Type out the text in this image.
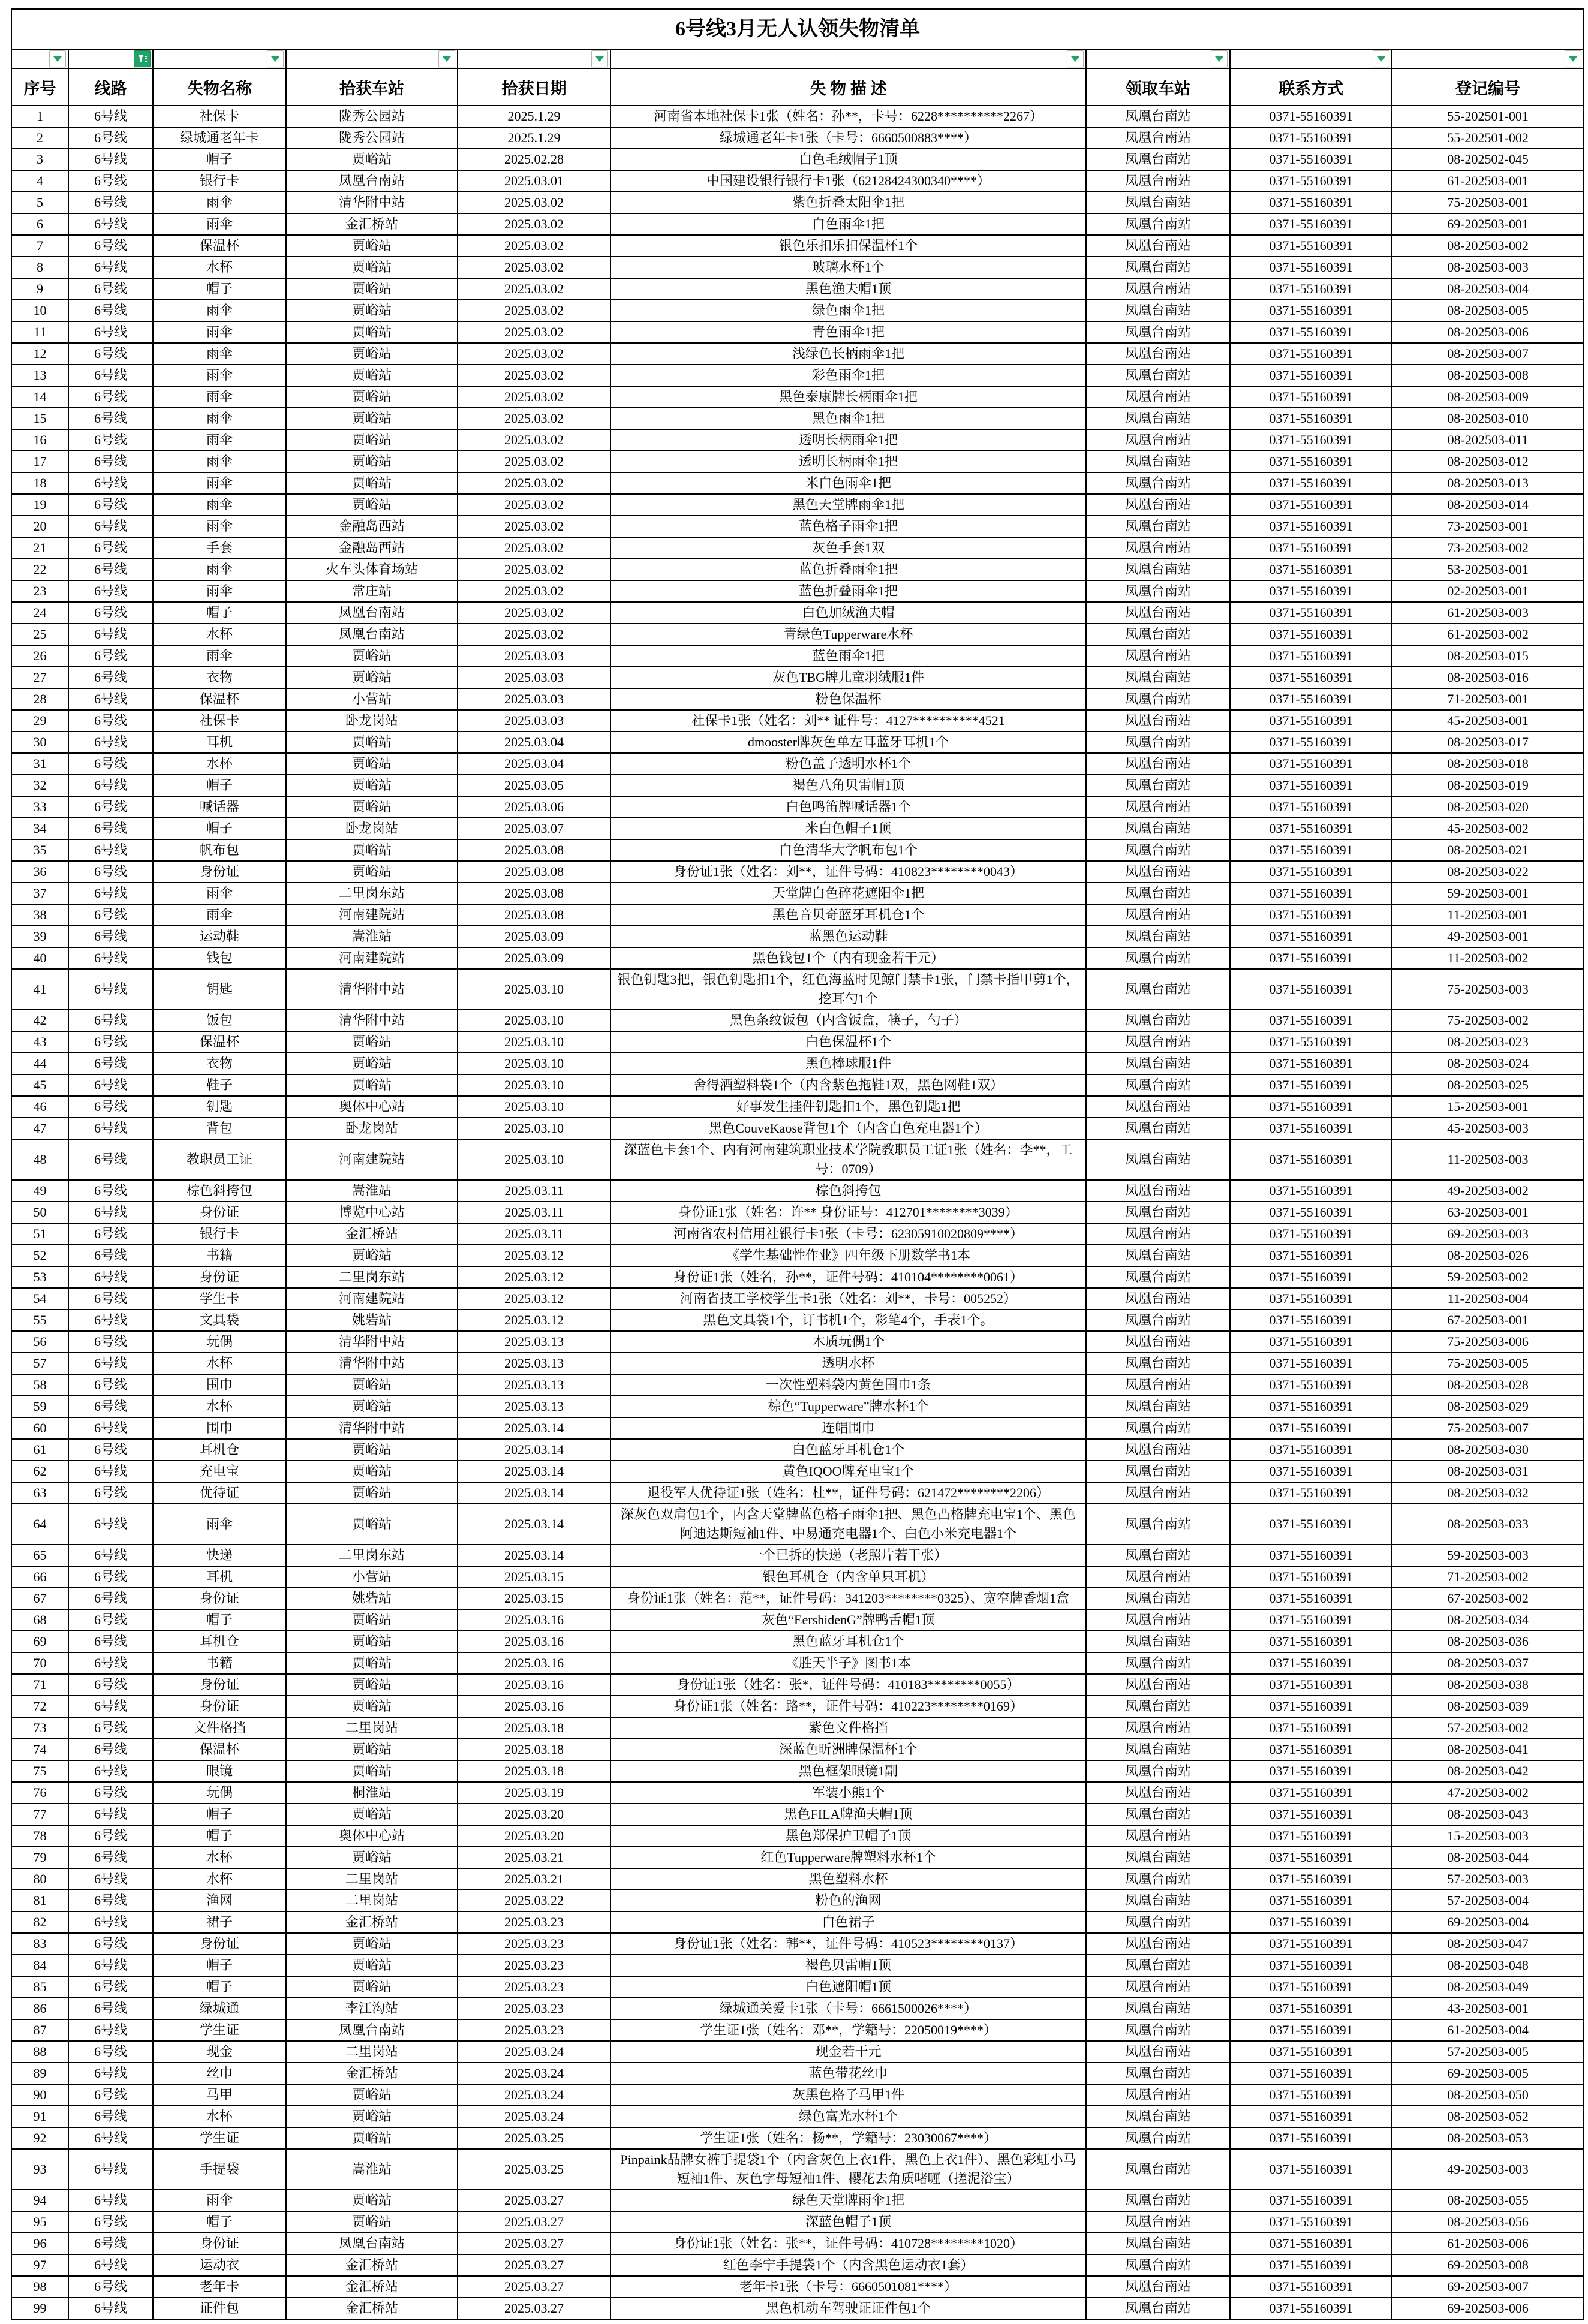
6号线3月无人认领失物清单								

序号	线路	失物名称	拾获车站	拾获日期	失 物 描 述	领取车站	联系方式	登记编号
1	6号线	社保卡	陇秀公园站	2025.1.29	河南省本地社保卡1张（姓名：孙**，卡号：6228**********2267）	凤凰台南站	0371-55160391	55-202501-001
2	6号线	绿城通老年卡	陇秀公园站	2025.1.29	绿城通老年卡1张（卡号：6660500883****）	凤凰台南站	0371-55160391	55-202501-002
3	6号线	帽子	贾峪站	2025.02.28	白色毛绒帽子1顶	凤凰台南站	0371-55160391	08-202502-045
4	6号线	银行卡	凤凰台南站	2025.03.01	中国建设银行银行卡1张（62128424300340****）	凤凰台南站	0371-55160391	61-202503-001
5	6号线	雨伞	清华附中站	2025.03.02	紫色折叠太阳伞1把	凤凰台南站	0371-55160391	75-202503-001
6	6号线	雨伞	金汇桥站	2025.03.02	白色雨伞1把	凤凰台南站	0371-55160391	69-202503-001
7	6号线	保温杯	贾峪站	2025.03.02	银色乐扣乐扣保温杯1个	凤凰台南站	0371-55160391	08-202503-002
8	6号线	水杯	贾峪站	2025.03.02	玻璃水杯1个	凤凰台南站	0371-55160391	08-202503-003
9	6号线	帽子	贾峪站	2025.03.02	黑色渔夫帽1顶	凤凰台南站	0371-55160391	08-202503-004
10	6号线	雨伞	贾峪站	2025.03.02	绿色雨伞1把	凤凰台南站	0371-55160391	08-202503-005
11	6号线	雨伞	贾峪站	2025.03.02	青色雨伞1把	凤凰台南站	0371-55160391	08-202503-006
12	6号线	雨伞	贾峪站	2025.03.02	浅绿色长柄雨伞1把	凤凰台南站	0371-55160391	08-202503-007
13	6号线	雨伞	贾峪站	2025.03.02	彩色雨伞1把	凤凰台南站	0371-55160391	08-202503-008
14	6号线	雨伞	贾峪站	2025.03.02	黑色泰康牌长柄雨伞1把	凤凰台南站	0371-55160391	08-202503-009
15	6号线	雨伞	贾峪站	2025.03.02	黑色雨伞1把	凤凰台南站	0371-55160391	08-202503-010
16	6号线	雨伞	贾峪站	2025.03.02	透明长柄雨伞1把	凤凰台南站	0371-55160391	08-202503-011
17	6号线	雨伞	贾峪站	2025.03.02	透明长柄雨伞1把	凤凰台南站	0371-55160391	08-202503-012
18	6号线	雨伞	贾峪站	2025.03.02	米白色雨伞1把	凤凰台南站	0371-55160391	08-202503-013
19	6号线	雨伞	贾峪站	2025.03.02	黑色天堂牌雨伞1把	凤凰台南站	0371-55160391	08-202503-014
20	6号线	雨伞	金融岛西站	2025.03.02	蓝色格子雨伞1把	凤凰台南站	0371-55160391	73-202503-001
21	6号线	手套	金融岛西站	2025.03.02	灰色手套1双	凤凰台南站	0371-55160391	73-202503-002
22	6号线	雨伞	火车头体育场站	2025.03.02	蓝色折叠雨伞1把	凤凰台南站	0371-55160391	53-202503-001
23	6号线	雨伞	常庄站	2025.03.02	蓝色折叠雨伞1把	凤凰台南站	0371-55160391	02-202503-001
24	6号线	帽子	凤凰台南站	2025.03.02	白色加绒渔夫帽	凤凰台南站	0371-55160391	61-202503-003
25	6号线	水杯	凤凰台南站	2025.03.02	青绿色Tupperware水杯	凤凰台南站	0371-55160391	61-202503-002
26	6号线	雨伞	贾峪站	2025.03.03	蓝色雨伞1把	凤凰台南站	0371-55160391	08-202503-015
27	6号线	衣物	贾峪站	2025.03.03	灰色TBG牌儿童羽绒服1件	凤凰台南站	0371-55160391	08-202503-016
28	6号线	保温杯	小营站	2025.03.03	粉色保温杯	凤凰台南站	0371-55160391	71-202503-001
29	6号线	社保卡	卧龙岗站	2025.03.03	社保卡1张（姓名：刘** 证件号：4127**********4521	凤凰台南站	0371-55160391	45-202503-001
30	6号线	耳机	贾峪站	2025.03.04	dmooster牌灰色单左耳蓝牙耳机1个	凤凰台南站	0371-55160391	08-202503-017
31	6号线	水杯	贾峪站	2025.03.04	粉色盖子透明水杯1个	凤凰台南站	0371-55160391	08-202503-018
32	6号线	帽子	贾峪站	2025.03.05	褐色八角贝雷帽1顶	凤凰台南站	0371-55160391	08-202503-019
33	6号线	喊话器	贾峪站	2025.03.06	白色鸣笛牌喊话器1个	凤凰台南站	0371-55160391	08-202503-020
34	6号线	帽子	卧龙岗站	2025.03.07	米白色帽子1顶	凤凰台南站	0371-55160391	45-202503-002
35	6号线	帆布包	贾峪站	2025.03.08	白色清华大学帆布包1个	凤凰台南站	0371-55160391	08-202503-021
36	6号线	身份证	贾峪站	2025.03.08	身份证1张（姓名：刘**，证件号码：410823********0043）	凤凰台南站	0371-55160391	08-202503-022
37	6号线	雨伞	二里岗东站	2025.03.08	天堂牌白色碎花遮阳伞1把	凤凰台南站	0371-55160391	59-202503-001
38	6号线	雨伞	河南建院站	2025.03.08	黑色音贝奇蓝牙耳机仓1个	凤凰台南站	0371-55160391	11-202503-001
39	6号线	运动鞋	嵩淮站	2025.03.09	蓝黑色运动鞋	凤凰台南站	0371-55160391	49-202503-001
40	6号线	钱包	河南建院站	2025.03.09	黑色钱包1个（内有现金若干元）	凤凰台南站	0371-55160391	11-202503-002
41	6号线	钥匙	清华附中站	2025.03.10	银色钥匙3把，银色钥匙扣1个，红色海蓝时见鲸门禁卡1张，门禁卡指甲剪1个，挖耳勺1个	凤凰台南站	0371-55160391	75-202503-003
42	6号线	饭包	清华附中站	2025.03.10	黑色条纹饭包（内含饭盒，筷子，勺子）	凤凰台南站	0371-55160391	75-202503-002
43	6号线	保温杯	贾峪站	2025.03.10	白色保温杯1个	凤凰台南站	0371-55160391	08-202503-023
44	6号线	衣物	贾峪站	2025.03.10	黑色棒球服1件	凤凰台南站	0371-55160391	08-202503-024
45	6号线	鞋子	贾峪站	2025.03.10	舍得酒塑料袋1个（内含紫色拖鞋1双，黑色网鞋1双）	凤凰台南站	0371-55160391	08-202503-025
46	6号线	钥匙	奥体中心站	2025.03.10	好事发生挂件钥匙扣1个，黑色钥匙1把	凤凰台南站	0371-55160391	15-202503-001
47	6号线	背包	卧龙岗站	2025.03.10	黑色CouveKaose背包1个（内含白色充电器1个）	凤凰台南站	0371-55160391	45-202503-003
48	6号线	教职员工证	河南建院站	2025.03.10	深蓝色卡套1个、内有河南建筑职业技术学院教职员工证1张（姓名：李**，工号：0709）	凤凰台南站	0371-55160391	11-202503-003
49	6号线	棕色斜挎包	嵩淮站	2025.03.11	棕色斜挎包	凤凰台南站	0371-55160391	49-202503-002
50	6号线	身份证	博览中心站	2025.03.11	身份证1张（姓名：许** 身份证号：412701********3039）	凤凰台南站	0371-55160391	63-202503-001
51	6号线	银行卡	金汇桥站	2025.03.11	河南省农村信用社银行卡1张（卡号：62305910020809****）	凤凰台南站	0371-55160391	69-202503-003
52	6号线	书籍	贾峪站	2025.03.12	《学生基础性作业》四年级下册数学书1本	凤凰台南站	0371-55160391	08-202503-026
53	6号线	身份证	二里岗东站	2025.03.12	身份证1张（姓名，孙**，证件号码：410104********0061）	凤凰台南站	0371-55160391	59-202503-002
54	6号线	学生卡	河南建院站	2025.03.12	河南省技工学校学生卡1张（姓名：刘**，卡号：005252）	凤凰台南站	0371-55160391	11-202503-004
55	6号线	文具袋	姚砦站	2025.03.12	黑色文具袋1个，订书机1个，彩笔4个，手表1个。	凤凰台南站	0371-55160391	67-202503-001
56	6号线	玩偶	清华附中站	2025.03.13	木质玩偶1个	凤凰台南站	0371-55160391	75-202503-006
57	6号线	水杯	清华附中站	2025.03.13	透明水杯	凤凰台南站	0371-55160391	75-202503-005
58	6号线	围巾	贾峪站	2025.03.13	一次性塑料袋内黄色围巾1条	凤凰台南站	0371-55160391	08-202503-028
59	6号线	水杯	贾峪站	2025.03.13	棕色“Tupperware”牌水杯1个	凤凰台南站	0371-55160391	08-202503-029
60	6号线	围巾	清华附中站	2025.03.14	连帽围巾	凤凰台南站	0371-55160391	75-202503-007
61	6号线	耳机仓	贾峪站	2025.03.14	白色蓝牙耳机仓1个	凤凰台南站	0371-55160391	08-202503-030
62	6号线	充电宝	贾峪站	2025.03.14	黄色IQOO牌充电宝1个	凤凰台南站	0371-55160391	08-202503-031
63	6号线	优待证	贾峪站	2025.03.14	退役军人优待证1张（姓名：杜**，证件号码：621472********2206）	凤凰台南站	0371-55160391	08-202503-032
64	6号线	雨伞	贾峪站	2025.03.14	深灰色双肩包1个，内含天堂牌蓝色格子雨伞1把、黑色凸格牌充电宝1个、黑色阿迪达斯短袖1件、中易通充电器1个、白色小米充电器1个	凤凰台南站	0371-55160391	08-202503-033
65	6号线	快递	二里岗东站	2025.03.14	一个已拆的快递（老照片若干张）	凤凰台南站	0371-55160391	59-202503-003
66	6号线	耳机	小营站	2025.03.15	银色耳机仓（内含单只耳机）	凤凰台南站	0371-55160391	71-202503-002
67	6号线	身份证	姚砦站	2025.03.15	身份证1张（姓名：范**，证件号码：341203********0325）、宽窄牌香烟1盒	凤凰台南站	0371-55160391	67-202503-002
68	6号线	帽子	贾峪站	2025.03.16	灰色“EershidenG”牌鸭舌帽1顶	凤凰台南站	0371-55160391	08-202503-034
69	6号线	耳机仓	贾峪站	2025.03.16	黑色蓝牙耳机仓1个	凤凰台南站	0371-55160391	08-202503-036
70	6号线	书籍	贾峪站	2025.03.16	《胜天半子》图书1本	凤凰台南站	0371-55160391	08-202503-037
71	6号线	身份证	贾峪站	2025.03.16	身份证1张（姓名：张*，证件号码：410183********0055）	凤凰台南站	0371-55160391	08-202503-038
72	6号线	身份证	贾峪站	2025.03.16	身份证1张（姓名：路**，证件号码：410223********0169）	凤凰台南站	0371-55160391	08-202503-039
73	6号线	文件格挡	二里岗站	2025.03.18	紫色文件格挡	凤凰台南站	0371-55160391	57-202503-002
74	6号线	保温杯	贾峪站	2025.03.18	深蓝色昕洲牌保温杯1个	凤凰台南站	0371-55160391	08-202503-041
75	6号线	眼镜	贾峪站	2025.03.18	黑色框架眼镜1副	凤凰台南站	0371-55160391	08-202503-042
76	6号线	玩偶	桐淮站	2025.03.19	军装小熊1个	凤凰台南站	0371-55160391	47-202503-002
77	6号线	帽子	贾峪站	2025.03.20	黑色FILA牌渔夫帽1顶	凤凰台南站	0371-55160391	08-202503-043
78	6号线	帽子	奥体中心站	2025.03.20	黑色郑保护卫帽子1顶	凤凰台南站	0371-55160391	15-202503-003
79	6号线	水杯	贾峪站	2025.03.21	红色Tupperware牌塑料水杯1个	凤凰台南站	0371-55160391	08-202503-044
80	6号线	水杯	二里岗站	2025.03.21	黑色塑料水杯	凤凰台南站	0371-55160391	57-202503-003
81	6号线	渔网	二里岗站	2025.03.22	粉色的渔网	凤凰台南站	0371-55160391	57-202503-004
82	6号线	裙子	金汇桥站	2025.03.23	白色裙子	凤凰台南站	0371-55160391	69-202503-004
83	6号线	身份证	贾峪站	2025.03.23	身份证1张（姓名：韩**，证件号码：410523********0137）	凤凰台南站	0371-55160391	08-202503-047
84	6号线	帽子	贾峪站	2025.03.23	褐色贝雷帽1顶	凤凰台南站	0371-55160391	08-202503-048
85	6号线	帽子	贾峪站	2025.03.23	白色遮阳帽1顶	凤凰台南站	0371-55160391	08-202503-049
86	6号线	绿城通	李江沟站	2025.03.23	绿城通关爱卡1张（卡号：6661500026****）	凤凰台南站	0371-55160391	43-202503-001
87	6号线	学生证	凤凰台南站	2025.03.23	学生证1张（姓名：邓**，学籍号：22050019****）	凤凰台南站	0371-55160391	61-202503-004
88	6号线	现金	二里岗站	2025.03.24	现金若干元	凤凰台南站	0371-55160391	57-202503-005
89	6号线	丝巾	金汇桥站	2025.03.24	蓝色带花丝巾	凤凰台南站	0371-55160391	69-202503-005
90	6号线	马甲	贾峪站	2025.03.24	灰黑色格子马甲1件	凤凰台南站	0371-55160391	08-202503-050
91	6号线	水杯	贾峪站	2025.03.24	绿色富光水杯1个	凤凰台南站	0371-55160391	08-202503-052
92	6号线	学生证	贾峪站	2025.03.25	学生证1张（姓名：杨**，学籍号：23030067****）	凤凰台南站	0371-55160391	08-202503-053
93	6号线	手提袋	嵩淮站	2025.03.25	Pinpaink品牌女裤手提袋1个（内含灰色上衣1件，黑色上衣1件）、黑色彩虹小马短袖1件、灰色字母短袖1件、樱花去角质啫喱（搓泥浴宝）	凤凰台南站	0371-55160391	49-202503-003
94	6号线	雨伞	贾峪站	2025.03.27	绿色天堂牌雨伞1把	凤凰台南站	0371-55160391	08-202503-055
95	6号线	帽子	贾峪站	2025.03.27	深蓝色帽子1顶	凤凰台南站	0371-55160391	08-202503-056
96	6号线	身份证	凤凰台南站	2025.03.27	身份证1张（姓名：张**，证件号码：410728********1020）	凤凰台南站	0371-55160391	61-202503-006
97	6号线	运动衣	金汇桥站	2025.03.27	红色李宁手提袋1个（内含黑色运动衣1套）	凤凰台南站	0371-55160391	69-202503-008
98	6号线	老年卡	金汇桥站	2025.03.27	老年卡1张（卡号：6660501081****）	凤凰台南站	0371-55160391	69-202503-007
99	6号线	证件包	金汇桥站	2025.03.27	黑色机动车驾驶证证件包1个	凤凰台南站	0371-55160391	69-202503-006
